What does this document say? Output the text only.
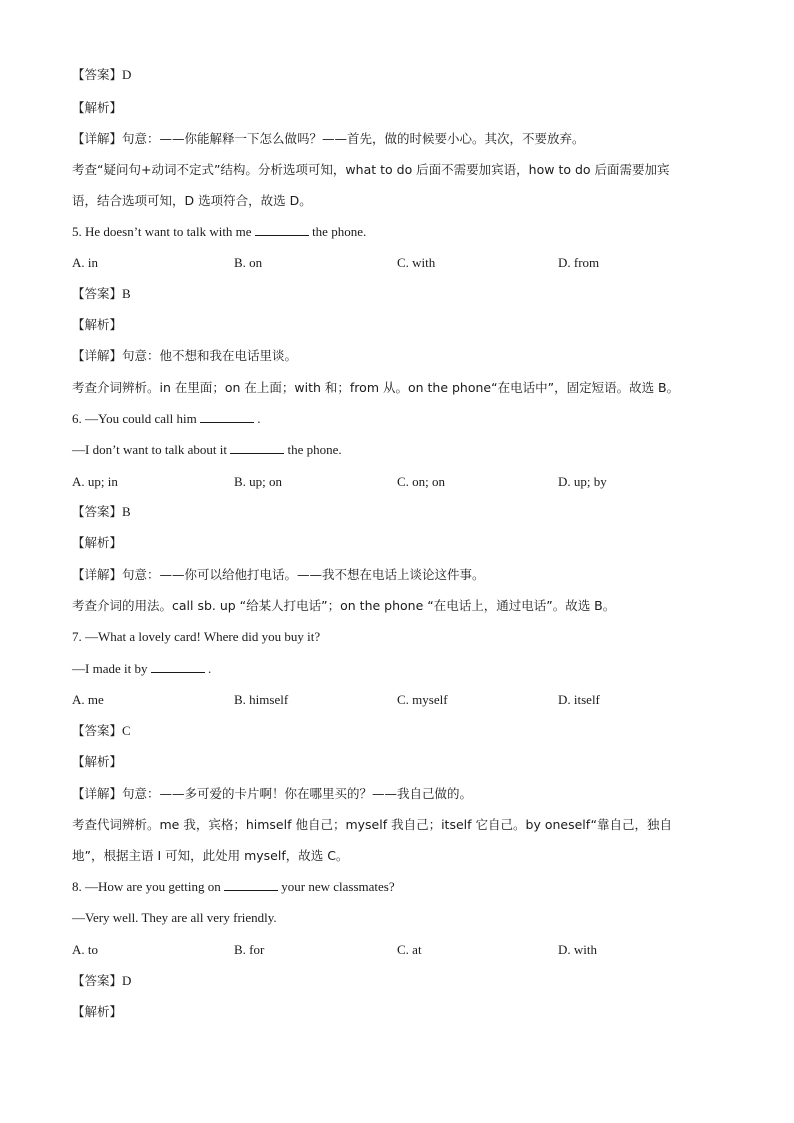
【答案】D
【解析】
【详解】句意：——你能解释一下怎么做吗？——首先，做的时候要小心。其次，不要放弃。
考查“疑问句+动词不定式”结构。分析选项可知，what to do 后面不需要加宾语，how to do 后面需要加宾
语，结合选项可知，D 选项符合，故选 D。
5. He doesn’t want to talk with me	the phone.
A. in	B. on	C. with	D. from
【答案】B
【解析】
【详解】句意：他不想和我在电话里谈。
考查介词辨析。in 在里面；on 在上面；with 和；from 从。on the phone“在电话中”，固定短语。故选 B。
6. —You could call him	.
—I don’t want to talk about it	the phone.
A. up; in	B. up; on	C. on; on	D. up; by
【答案】B
【解析】
【详解】句意：——你可以给他打电话。——我不想在电话上谈论这件事。
考查介词的用法。call sb. up “给某人打电话”；on the phone “在电话上，通过电话”。故选 B。
7. —What a lovely card! Where did you buy it?
—I made it by	.
A. me	B. himself	C. myself	D. itself
【答案】C
【解析】
【详解】句意：——多可爱的卡片啊！你在哪里买的？——我自己做的。
考查代词辨析。me 我，宾格；himself 他自己；myself 我自己；itself 它自己。by oneself“靠自己，独自
地”，根据主语 I 可知，此处用 myself，故选 C。
8. —How are you getting on	your new classmates?
—Very well. They are all very friendly.
A. to	B. for	C. at	D. with
【答案】D
【解析】
